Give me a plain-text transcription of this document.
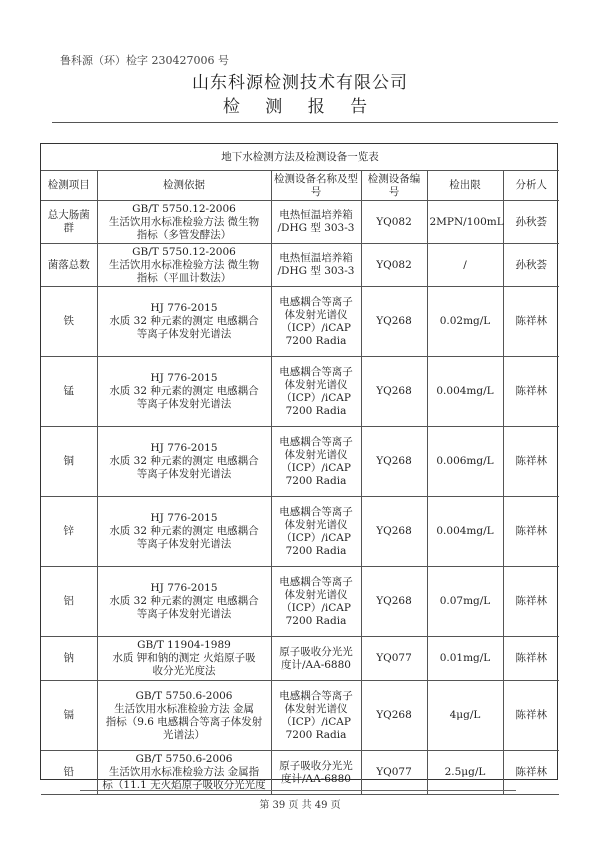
鲁科源（环）检字 230427006 号
山东科源检测技术有限公司
检 测 报 告
地下水检测方法及检测设备一览表					
检测项目	检测依据	检测设备名称及型号	检测设备编号	检出限	分析人
总大肠菌群	GB/T 5750.12-2006
生活饮用水标准检验方法 微生物
指标（多管发酵法）	电热恒温培养箱
/DHG 型 303-3	YQ082	2MPN/100mL	孙秋荟
菌落总数	GB/T 5750.12-2006
生活饮用水标准检验方法 微生物
指标（平皿计数法）	电热恒温培养箱
/DHG 型 303-3	YQ082	/	孙秋荟
铁	HJ 776-2015
水质 32 种元素的测定 电感耦合
等离子体发射光谱法	电感耦合等离子
体发射光谱仪
（ICP）/iCAP
7200 Radia	YQ268	0.02mg/L	陈祥林
锰	HJ 776-2015
水质 32 种元素的测定 电感耦合
等离子体发射光谱法	电感耦合等离子
体发射光谱仪
（ICP）/iCAP
7200 Radia	YQ268	0.004mg/L	陈祥林
铜	HJ 776-2015
水质 32 种元素的测定 电感耦合
等离子体发射光谱法	电感耦合等离子
体发射光谱仪
（ICP）/iCAP
7200 Radia	YQ268	0.006mg/L	陈祥林
锌	HJ 776-2015
水质 32 种元素的测定 电感耦合
等离子体发射光谱法	电感耦合等离子
体发射光谱仪
（ICP）/iCAP
7200 Radia	YQ268	0.004mg/L	陈祥林
铝	HJ 776-2015
水质 32 种元素的测定 电感耦合
等离子体发射光谱法	电感耦合等离子
体发射光谱仪
（ICP）/iCAP
7200 Radia	YQ268	0.07mg/L	陈祥林
钠	GB/T 11904-1989
水质 钾和钠的测定 火焰原子吸
收分光光度法	原子吸收分光光
度计/AA-6880	YQ077	0.01mg/L	陈祥林
镉	GB/T 5750.6-2006
生活饮用水标准检验方法 金属
指标（9.6 电感耦合等离子体发射
光谱法）	电感耦合等离子
体发射光谱仪
（ICP）/iCAP
7200 Radia	YQ268	4μg/L	陈祥林
铅	GB/T 5750.6-2006
生活饮用水标准检验方法 金属指
标（11.1 无火焰原子吸收分光光度	原子吸收分光光
度计/AA-6880	YQ077	2.5μg/L	陈祥林
第 39 页 共 49 页
